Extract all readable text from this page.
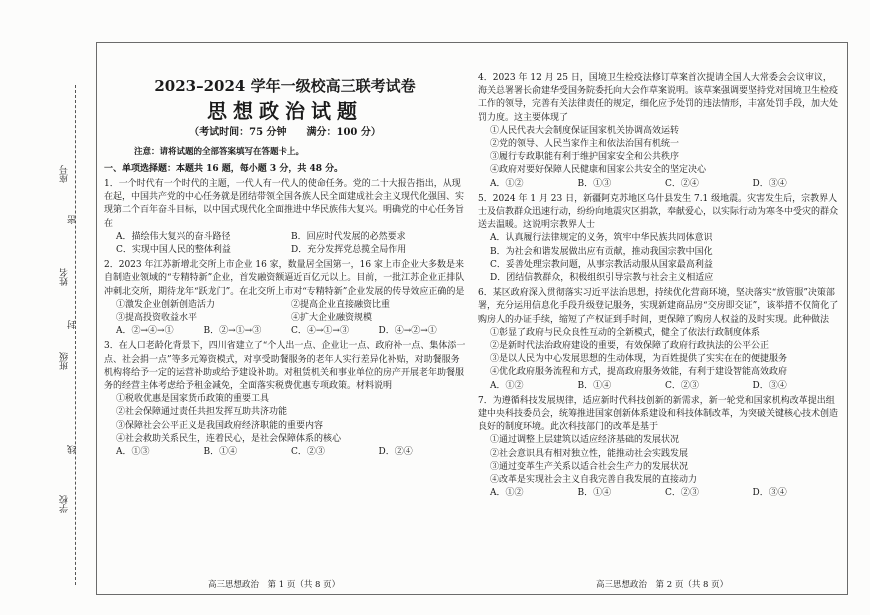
座号
姓名
班级
学校
密
封
线
2023–2024 学年一级校高三联考试卷
思想政治试题
（考试时间：75 分钟　　满分：100 分）
注意：请将试题的全部答案填写在答题卡上。
一、单项选择题：本题共 16 题，每小题 3 分，共 48 分。

1．一个时代有一个时代的主题，一代人有一代人的使命任务。党的二十大报告指出，从现在起，中国共产党的中心任务就是团结带领全国各族人民全面建成社会主义现代化强国、实现第二个百年奋斗目标，以中国式现代化全面推进中华民族伟大复兴。明确党的中心任务旨在

A．描绘伟大复兴的奋斗路径	B．回应时代发展的必然要求
C．实现中国人民的整体利益	D．充分发挥党总揽全局作用

2．2023 年江苏新增北交所上市企业 16 家，数量居全国第一，16 家上市企业大多数是来自制造业领域的“专精特新”企业，首发融资额逼近百亿元以上。目前，一批江苏企业正排队冲刺北交所，期待龙年“跃龙门”。在北交所上市对“专精特新”企业发展的传导效应正确的是

①激发企业创新创造活力	②提高企业直接融资比重
③提高投资收益水平	④扩大企业融资规模
A．②→④→①	B．②→①→③	C．④→①→③	D．④→②→①

3．在人口老龄化背景下，四川省建立了“个人出一点、企业让一点、政府补一点、集体添一点、社会捐一点”等多元筹资模式，对享受助餐服务的老年人实行差异化补贴，对助餐服务机构将给予一定的运营补助或给予建设补助。对租赁机关和事业单位的房产开展老年助餐服务的经营主体考虑给予租金减免，全面落实税费优惠专项政策。材料说明

①税收优惠是国家货币政策的重要工具

②社会保障通过责任共担发挥互助共济功能

③保障社会公平正义是我国政府经济职能的重要内容

④社会救助关系民生，连着民心，是社会保障体系的核心

A．①③	B．①④	C．②③	D．②④

4．2023 年 12 月 25 日，国境卫生检疫法修订草案首次提请全国人大常委会会议审议，海关总署署长俞建华受国务院委托向大会作草案说明。该草案强调要坚持党对国境卫生检疫工作的领导，完善有关法律责任的规定，细化应予处罚的违法情形，丰富处罚手段，加大处罚力度。这主要体现了

①人民代表大会制度保证国家机关协调高效运转

②党的领导、人民当家作主和依法治国有机统一

③履行专政职能有利于维护国家安全和公共秩序

④政府对要好保障人民健康和国家公共安全的坚定决心

A．①②	B．①③	C．②④	D．③④

5．2024 年 1 月 23 日，新疆阿克苏地区乌什县发生 7.1 级地震。灾害发生后，宗教界人士及信教群众迅速行动，纷纷向地震灾区捐款，奉献爱心，以实际行动为寒冬中受灾的群众送去温暖。这说明宗教界人士

A．认真履行法律规定的义务，筑牢中华民族共同体意识

B．为社会和谐发展做出应有贡献，推动我国宗教中国化

C．妥善处理宗教问题，从事宗教活动服从国家最高利益

D．团结信教群众，积极组织引导宗教与社会主义相适应

6．某区政府深入贯彻落实习近平法治思想，持续优化营商环境，坚决落实“放管服”决策部署，充分运用信息化手段升级登记服务，实现新建商品房“交房即交证”，该举措不仅简化了购房人的办证手续，缩短了产权证到手时间，更保障了购房人权益的及时实现。此种做法

①彰显了政府与民众良性互动的全新模式，健全了依法行政制度体系

②是新时代法治政府建设的重要，有效保障了政府行政执法的公平公正

③是以人民为中心发展思想的生动体现，为百姓提供了实实在在的便捷服务

④优化政府服务流程和方式，提高政府服务效能，有利于建设智能高效政府

A．①②	B．①④	C．②③	D．③④

7．为遵循科技发展规律，适应新时代科技创新的新需求，新一轮党和国家机构改革提出组建中央科技委员会，统筹推进国家创新体系建设和科技体制改革，为突破关键核心技术创造良好的制度环境。此次科技部门的改革是基于

①通过调整上层建筑以适应经济基础的发展状况

②社会意识具有相对独立性，能推动社会实践发展

③通过变革生产关系以适合社会生产力的发展状况

④改革是实现社会主义自我完善自我发展的直接动力

A．①②	B．①④	C．②③	D．③④
高三思想政治　第 1 页（共 8 页）	高三思想政治　第 2 页（共 8 页）
